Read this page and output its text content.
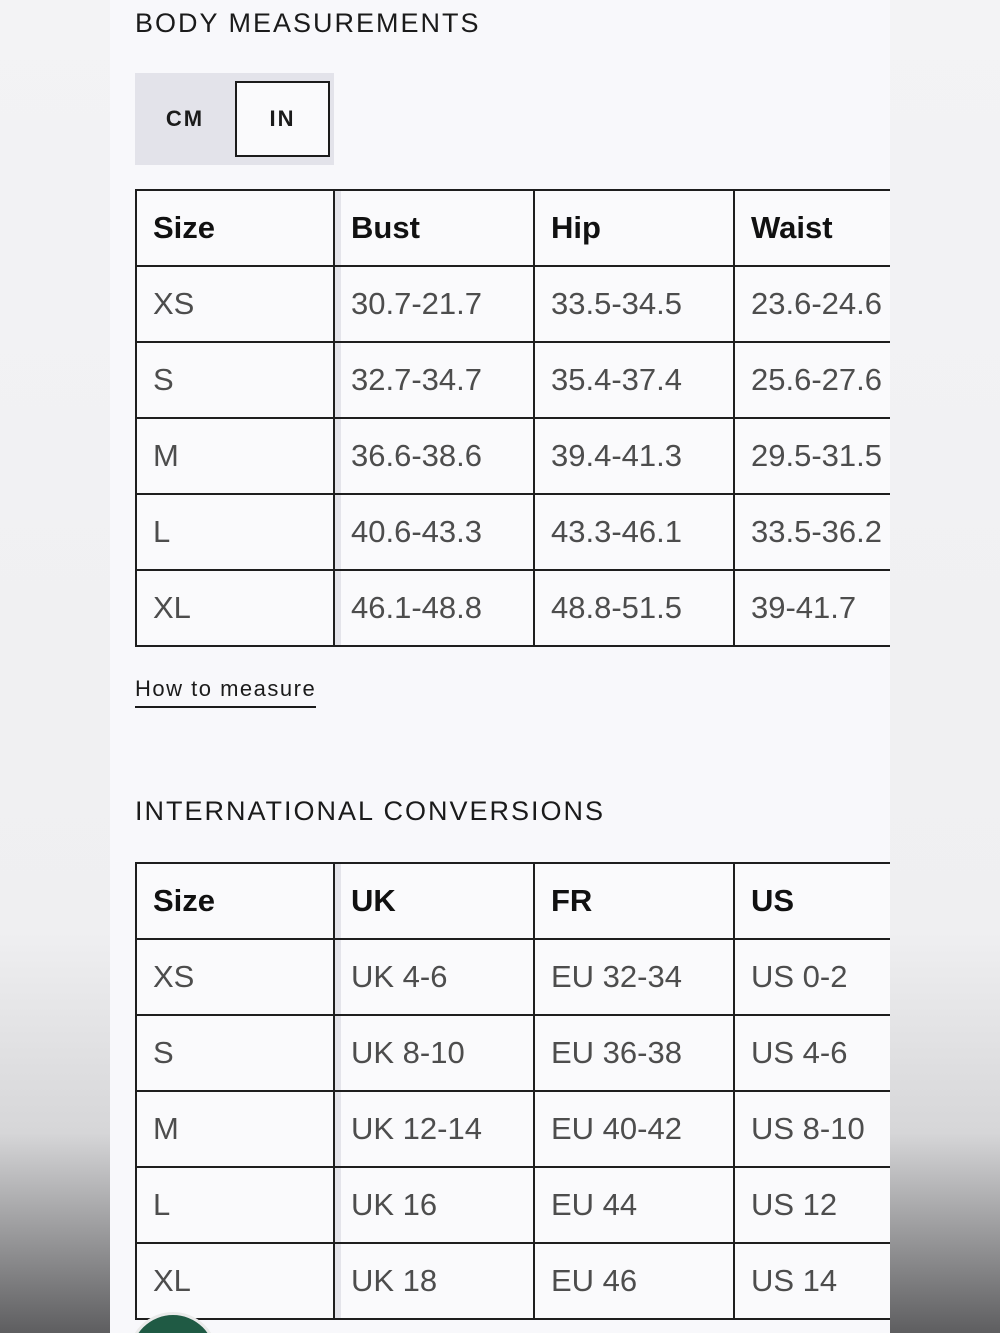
BODY MEASUREMENTS
CM	IN
Size	Bust	Hip	Waist
XS	30.7-21.7	33.5-34.5	23.6-24.6
S	32.7-34.7	35.4-37.4	25.6-27.6
M	36.6-38.6	39.4-41.3	29.5-31.5
L	40.6-43.3	43.3-46.1	33.5-36.2
XL	46.1-48.8	48.8-51.5	39-41.7
How to measure
INTERNATIONAL CONVERSIONS
Size	UK	FR	US
XS	UK 4-6	EU 32-34	US 0-2
S	UK 8-10	EU 36-38	US 4-6
M	UK 12-14	EU 40-42	US 8-10
L	UK 16	EU 44	US 12
XL	UK 18	EU 46	US 14
